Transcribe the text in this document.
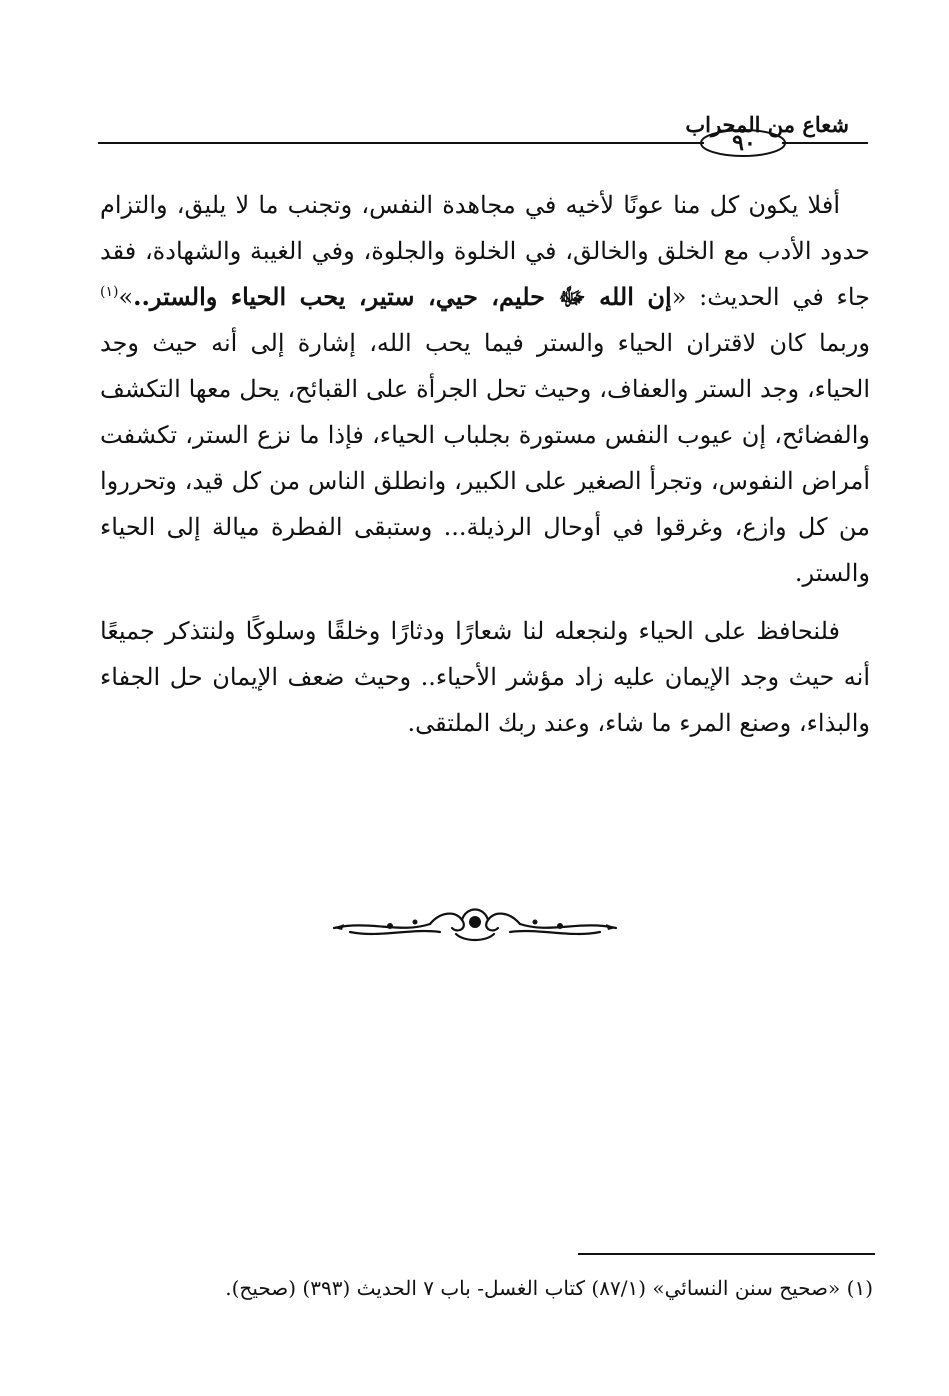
شعاع من المحراب
٩٠

أفلا يكون كل منا عونًا لأخيه في مجاهدة النفس، وتجنب ما لا يليق، والتزام حدود الأدب مع الخلق والخالق، في الخلوة والجلوة، وفي الغيبة والشهادة، فقد جاء في الحديث: «إن الله ﷻ حليم، حيي، ستير، يحب الحياء والستر..»$^{(١)}$ وربما كان لاقتران الحياء والستر فيما يحب الله، إشارة إلى أنه حيث وجد الحياء، وجد الستر والعفاف، وحيث تحل الجرأة على القبائح، يحل معها التكشف والفضائح، إن عيوب النفس مستورة بجلباب الحياء، فإذا ما نزع الستر، تكشفت أمراض النفوس، وتجرأ الصغير على الكبير، وانطلق الناس من كل قيد، وتحرروا من كل وازع، وغرقوا في أوحال الرذيلة... وستبقى الفطرة ميالة إلى الحياء والستر.

فلنحافظ على الحياء ولنجعله لنا شعارًا ودثارًا وخلقًا وسلوكًا ولنتذكر جميعًا أنه حيث وجد الإيمان عليه زاد مؤشر الأحياء.. وحيث ضعف الإيمان حل الجفاء والبذاء، وصنع المرء ما شاء، وعند ربك الملتقى.

(١) «صحيح سنن النسائي» (٨٧/١) كتاب الغسل- باب ٧ الحديث (٣٩٣) (صحيح).
